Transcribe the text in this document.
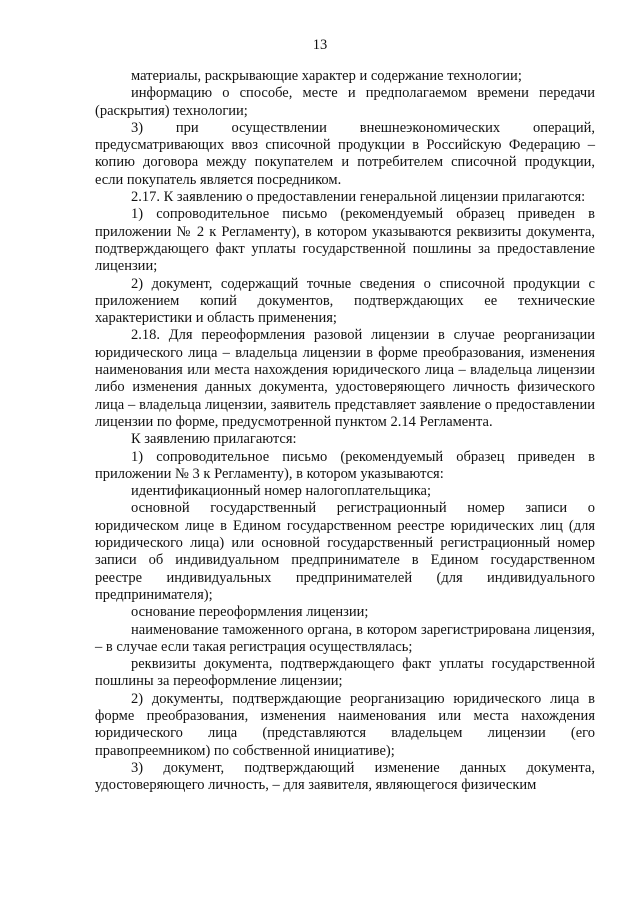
13

материалы, раскрывающие характер и содержание технологии;

информацию о способе, месте и предполагаемом времени передачи (раскрытия) технологии;

3) при осуществлении внешнеэкономических операций, предусматривающих ввоз списочной продукции в Российскую Федерацию – копию договора между покупателем и потребителем списочной продукции, если покупатель является посредником.

2.17. К заявлению о предоставлении генеральной лицензии прилагаются:

1) сопроводительное письмо (рекомендуемый образец приведен в приложении № 2 к Регламенту), в котором указываются реквизиты документа, подтверждающего факт уплаты государственной пошлины за предоставление лицензии;

2) документ, содержащий точные сведения о списочной продукции с приложением копий документов, подтверждающих ее технические характеристики и область применения;

2.18. Для переоформления разовой лицензии в случае реорганизации юридического лица – владельца лицензии в форме преобразования, изменения наименования или места нахождения юридического лица – владельца лицензии либо изменения данных документа, удостоверяющего личность физического лица – владельца лицензии, заявитель представляет заявление о предоставлении лицензии по форме, предусмотренной пунктом 2.14 Регламента.

К заявлению прилагаются:

1) сопроводительное письмо (рекомендуемый образец приведен в приложении № 3 к Регламенту), в котором указываются:

идентификационный номер налогоплательщика;

основной государственный регистрационный номер записи о юридическом лице в Едином государственном реестре юридических лиц (для юридического лица) или основной государственный регистрационный номер записи об индивидуальном предпринимателе в Едином государственном реестре индивидуальных предпринимателей (для индивидуального предпринимателя);

основание переоформления лицензии;

наименование таможенного органа, в котором зарегистрирована лицензия, – в случае если такая регистрация осуществлялась;

реквизиты документа, подтверждающего факт уплаты государственной пошлины за переоформление лицензии;

2) документы, подтверждающие реорганизацию юридического лица в форме преобразования, изменения наименования или места нахождения юридического лица (представляются владельцем лицензии (его правопреемником) по собственной инициативе);

3) документ, подтверждающий изменение данных документа, удостоверяющего личность, – для заявителя, являющегося физическим
